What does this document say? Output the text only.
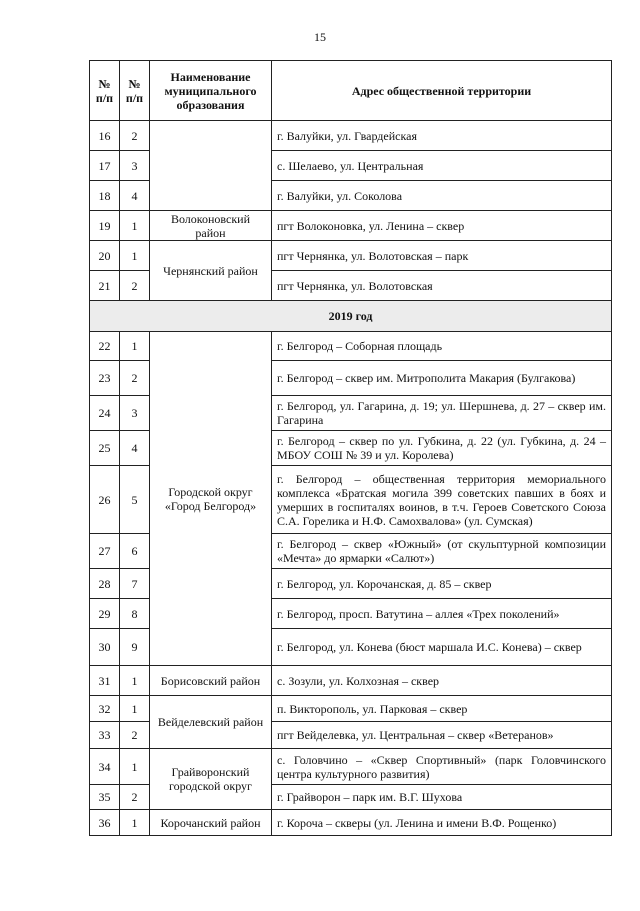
15
№ п/п	№ п/п	Наименование муниципального образования	Адрес общественной территории
16	2		г. Валуйки, ул. Гвардейская
17	3		с. Шелаево, ул. Центральная
18	4		г. Валуйки, ул. Соколова
19	1	Волоконовский район	пгт Волоконовка, ул. Ленина – сквер
20	1	Чернянский район	пгт Чернянка, ул. Волотовская – парк
21	2		пгт Чернянка, ул. Волотовская
2019 год			
22	1	Городской округ «Город Белгород»	г. Белгород – Соборная площадь
23	2		г. Белгород – сквер им. Митрополита Макария (Булгакова)
24	3		г. Белгород, ул. Гагарина, д. 19; ул. Шершнева, д. 27 – сквер им. Гагарина
25	4		г. Белгород – сквер по ул. Губкина, д. 22 (ул. Губкина, д. 24 – МБОУ СОШ № 39 и ул. Королева)
26	5		г. Белгород – общественная территория мемориального комплекса «Братская могила 399 советских павших в боях и умерших в госпиталях воинов, в т.ч. Героев Советского Союза С.А. Горелика и Н.Ф. Самохвалова» (ул. Сумская)
27	6		г. Белгород – сквер «Южный» (от скульптурной композиции «Мечта» до ярмарки «Салют»)
28	7		г. Белгород, ул. Корочанская, д. 85 – сквер
29	8		г. Белгород, просп. Ватутина – аллея «Трех поколений»
30	9		г. Белгород, ул. Конева (бюст маршала И.С. Конева) – сквер
31	1	Борисовский район	с. Зозули, ул. Колхозная – сквер
32	1	Вейделевский район	п. Викторополь, ул. Парковая – сквер
33	2		пгт Вейделевка, ул. Центральная – сквер «Ветеранов»
34	1	Грайворонский городской округ	с. Головчино – «Сквер Спортивный» (парк Головчинского центра культурного развития)
35	2		г. Грайворон – парк им. В.Г. Шухова
36	1	Корочанский район	г. Короча – скверы (ул. Ленина и имени В.Ф. Рощенко)
